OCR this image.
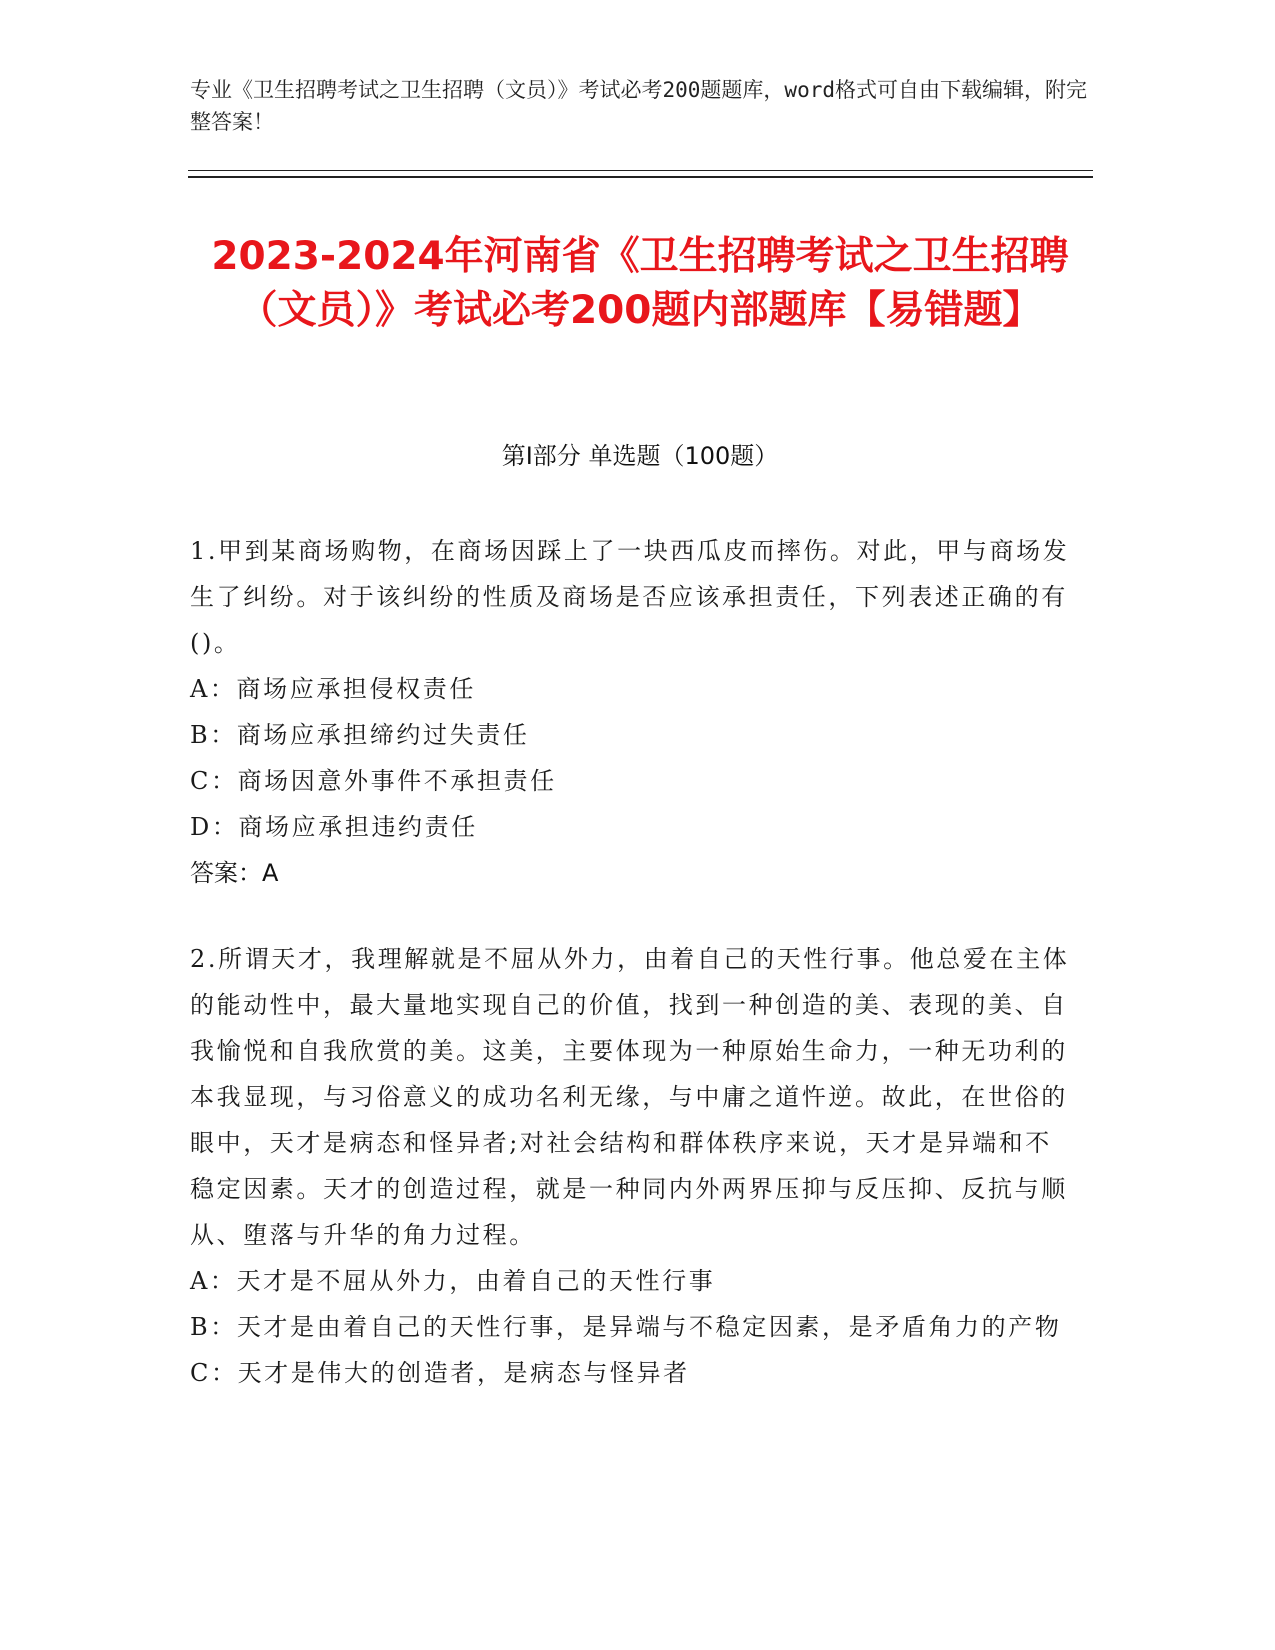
专业《卫生招聘考试之卫生招聘（文员）》考试必考200题题库，word格式可自由下载编辑，附完整答案！
2023-2024年河南省《卫生招聘考试之卫生招聘（文员）》考试必考200题内部题库【易错题】
第Ⅰ部分 单选题（100题）

1.甲到某商场购物，在商场因踩上了一块西瓜皮而摔伤。对此，甲与商场发生了纠纷。对于该纠纷的性质及商场是否应该承担责任，下列表述正确的有()。

A：商场应承担侵权责任

B：商场应承担缔约过失责任

C：商场因意外事件不承担责任

D：商场应承担违约责任

答案：A

2.所谓天才，我理解就是不屈从外力，由着自己的天性行事。他总爱在主体的能动性中，最大量地实现自己的价值，找到一种创造的美、表现的美、自我愉悦和自我欣赏的美。这美，主要体现为一种原始生命力，一种无功利的本我显现，与习俗意义的成功名利无缘，与中庸之道忤逆。故此，在世俗的眼中，天才是病态和怪异者;对社会结构和群体秩序来说，天才是异端和不稳定因素。天才的创造过程，就是一种同内外两界压抑与反压抑、反抗与顺从、堕落与升华的角力过程。

A：天才是不屈从外力，由着自己的天性行事

B：天才是由着自己的天性行事，是异端与不稳定因素，是矛盾角力的产物

C：天才是伟大的创造者，是病态与怪异者
